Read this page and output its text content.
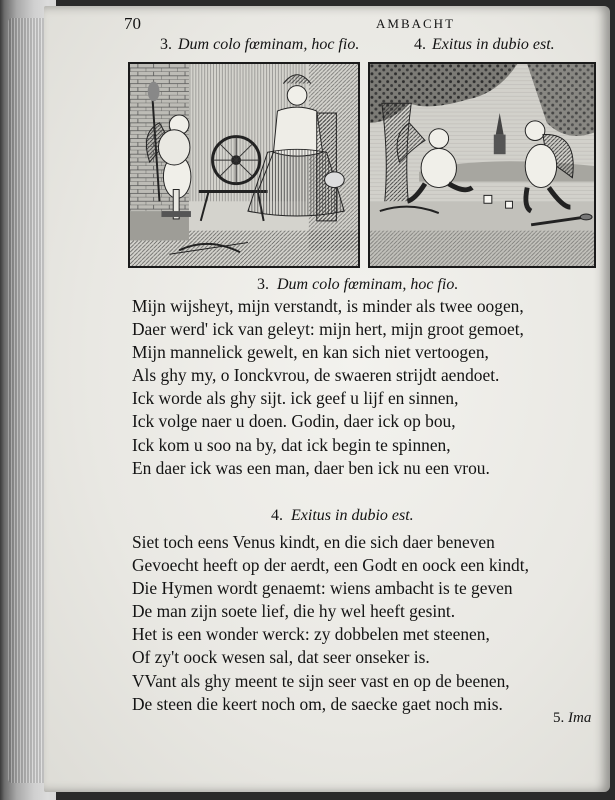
70	AMBACHT
3. Dum colo fœminam, hoc fio.	4. Exitus in dubio est.
3. Dum colo fœminam, hoc fio.
Mijn wijsheyt, mijn verstandt, is minder als twee oogen,
Daer werd' ick van geleyt: mijn hert, mijn groot gemoet,
Mijn mannelick gewelt, en kan sich niet vertoogen,
Als ghy my, o Ionckvrou, de swaeren strijdt aendoet.
Ick worde als ghy sijt. ick geef u lijf en sinnen,
Ick volge naer u doen. Godin, daer ick op bou,
Ick kom u soo na by, dat ick begin te spinnen,
En daer ick was een man, daer ben ick nu een vrou.
4. Exitus in dubio est.
Siet toch eens Venus kindt, en die sich daer beneven
Gevoecht heeft op der aerdt, een Godt en oock een kindt,
Die Hymen wordt genaemt: wiens ambacht is te geven
De man zijn soete lief, die hy wel heeft gesint.
Het is een wonder werck: zy dobbelen met steenen,
Of zy't oock wesen sal, dat seer onseker is.
VVant als ghy meent te sijn seer vast en op de beenen,
De steen die keert noch om, de saecke gaet noch mis.
5. Ima
